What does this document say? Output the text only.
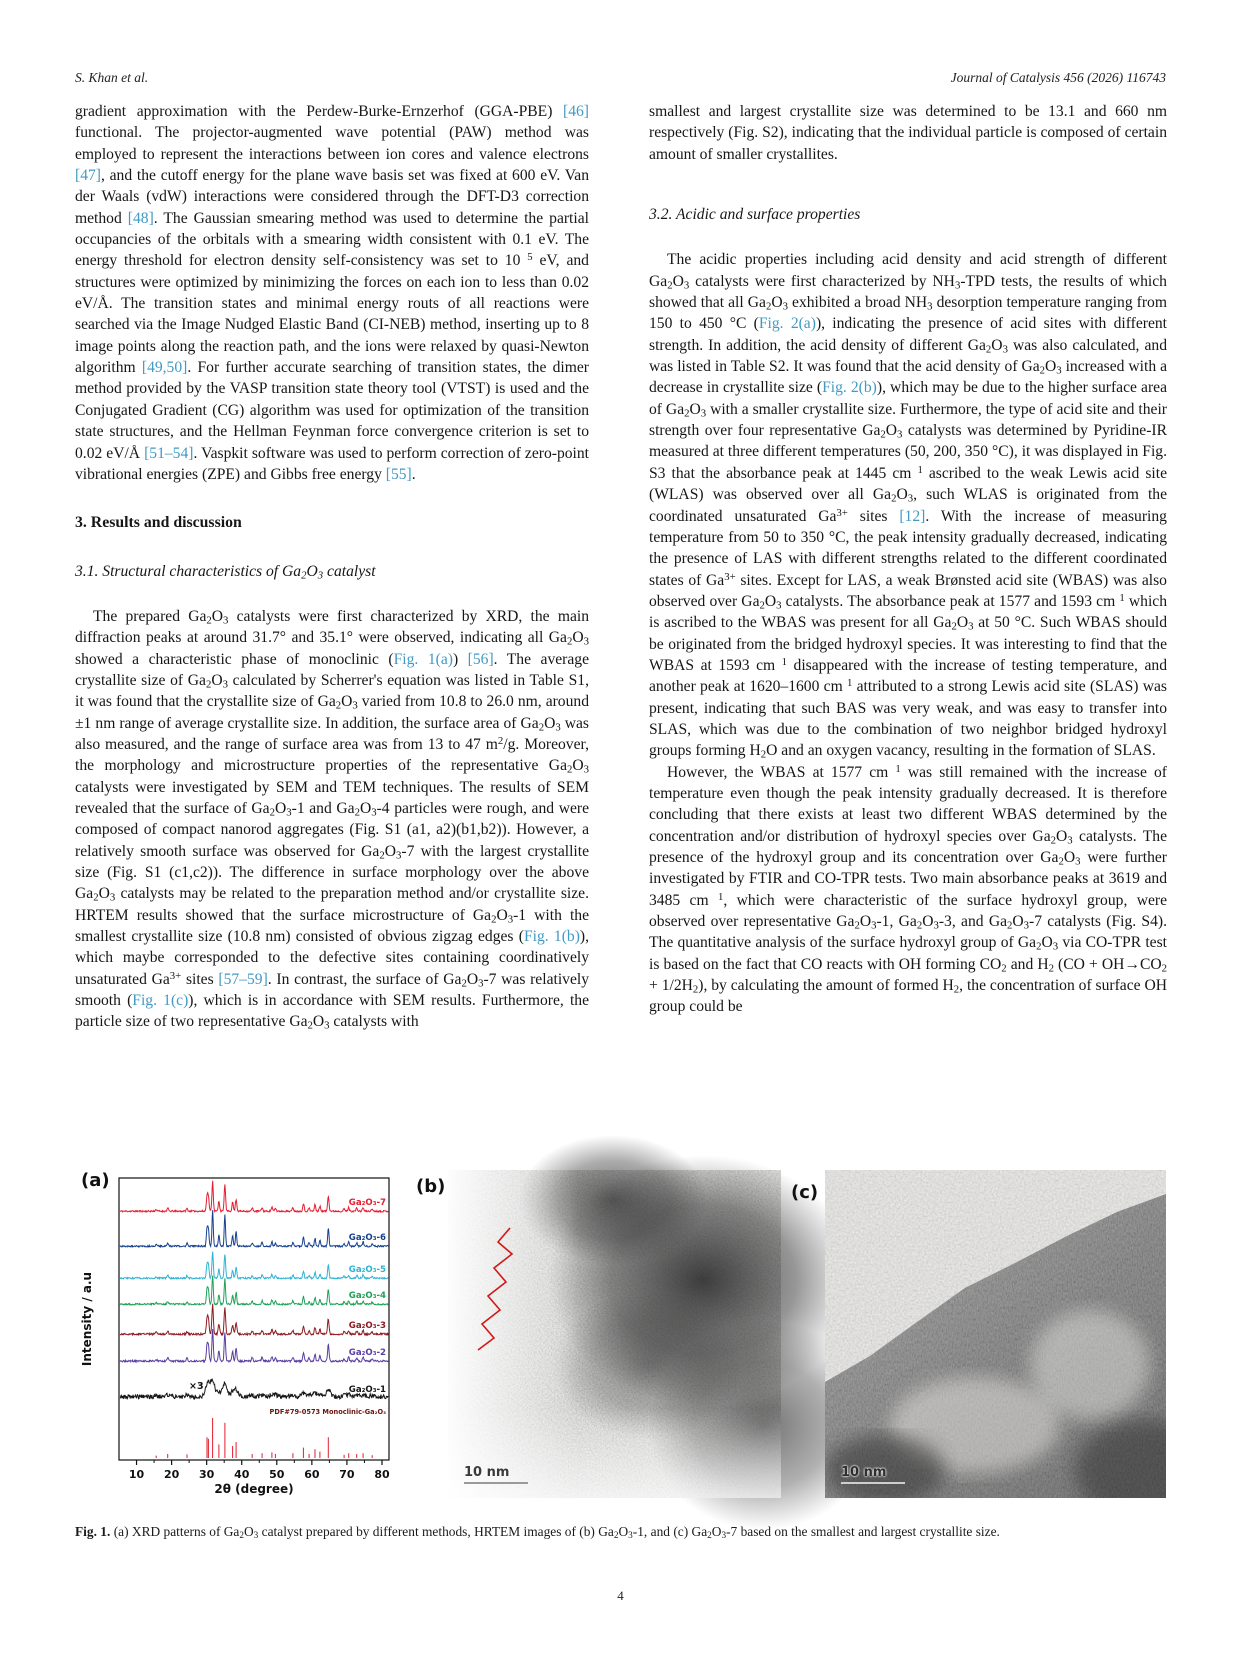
S. Khan et al.	Journal of Catalysis 456 (2026) 116743

gradient approximation with the Perdew-Burke-Ernzerhof (GGA-PBE) [46] functional. The projector-augmented wave potential (PAW) method was employed to represent the interactions between ion cores and valence electrons [47], and the cutoff energy for the plane wave basis set was fixed at 600 eV. Van der Waals (vdW) interactions were considered through the DFT-D3 correction method [48]. The Gaussian smearing method was used to determine the partial occupancies of the orbitals with a smearing width consistent with 0.1 eV. The energy threshold for electron density self-consistency was set to 10 $^5$ eV, and structures were optimized by minimizing the forces on each ion to less than 0.02 eV/Å. The transition states and minimal energy routs of all reactions were searched via the Image Nudged Elastic Band (CI-NEB) method, inserting up to 8 image points along the reaction path, and the ions were relaxed by quasi-Newton algorithm [49,50]. For further accurate searching of transition states, the dimer method provided by the VASP transition state theory tool (VTST) is used and the Conjugated Gradient (CG) algorithm was used for optimization of the transition state structures, and the Hellman Feynman force convergence criterion is set to 0.02 eV/Å [51–54]. Vaspkit software was used to perform correction of zero-point vibrational energies (ZPE) and Gibbs free energy [55].

3. Results and discussion
3.1. Structural characteristics of Ga2O3 catalyst

The prepared Ga2O3 catalysts were first characterized by XRD, the main diffraction peaks at around 31.7° and 35.1° were observed, indicating all Ga2O3 showed a characteristic phase of monoclinic (Fig. 1(a)) [56]. The average crystallite size of Ga2O3 calculated by Scherrer's equation was listed in Table S1, it was found that the crystallite size of Ga2O3 varied from 10.8 to 26.0 nm, around ±1 nm range of average crystallite size. In addition, the surface area of Ga2O3 was also measured, and the range of surface area was from 13 to 47 $m^2/g$. Moreover, the morphology and microstructure properties of the representative Ga2O3 catalysts were investigated by SEM and TEM techniques. The results of SEM revealed that the surface of Ga2O3-1 and Ga2O3-4 particles were rough, and were composed of compact nanorod aggregates (Fig. S1 (a1, a2)(b1,b2)). However, a relatively smooth surface was observed for Ga2O3-7 with the largest crystallite size (Fig. S1 (c1,c2)). The difference in surface morphology over the above Ga2O3 catalysts may be related to the preparation method and/or crystallite size. HRTEM results showed that the surface microstructure of Ga2O3-1 with the smallest crystallite size (10.8 nm) consisted of obvious zigzag edges (Fig. 1(b)), which maybe corresponded to the defective sites containing coordinatively unsaturated $Ga^{3+}$ sites [57–59]. In contrast, the surface of Ga2O3-7 was relatively smooth (Fig. 1(c)), which is in accordance with SEM results. Furthermore, the particle size of two representative Ga2O3 catalysts with

smallest and largest crystallite size was determined to be 13.1 and 660 nm respectively (Fig. S2), indicating that the individual particle is composed of certain amount of smaller crystallites.

3.2. Acidic and surface properties

The acidic properties including acid density and acid strength of different Ga2O3 catalysts were first characterized by NH3-TPD tests, the results of which showed that all Ga2O3 exhibited a broad NH3 desorption temperature ranging from 150 to 450 °C (Fig. 2(a)), indicating the presence of acid sites with different strength. In addition, the acid density of different Ga2O3 was also calculated, and was listed in Table S2. It was found that the acid density of Ga2O3 increased with a decrease in crystallite size (Fig. 2(b)), which may be due to the higher surface area of Ga2O3 with a smaller crystallite size. Furthermore, the type of acid site and their strength over four representative Ga2O3 catalysts was determined by Pyridine-IR measured at three different temperatures (50, 200, 350 °C), it was displayed in Fig. S3 that the absorbance peak at 1445 cm $^1$ ascribed to the weak Lewis acid site (WLAS) was observed over all Ga2O3, such WLAS is originated from the coordinated unsaturated $Ga^{3+}$ sites [12]. With the increase of measuring temperature from 50 to 350 °C, the peak intensity gradually decreased, indicating the presence of LAS with different strengths related to the different coordinated states of $Ga^{3+}$ sites. Except for LAS, a weak Brønsted acid site (WBAS) was also observed over Ga2O3 catalysts. The absorbance peak at 1577 and 1593 cm $^1$ which is ascribed to the WBAS was present for all Ga2O3 at 50 °C. Such WBAS should be originated from the bridged hydroxyl species. It was interesting to find that the WBAS at 1593 cm $^1$ disappeared with the increase of testing temperature, and another peak at 1620–1600 cm $^1$ attributed to a strong Lewis acid site (SLAS) was present, indicating that such BAS was very weak, and was easy to transfer into SLAS, which was due to the combination of two neighbor bridged hydroxyl groups forming H2O and an oxygen vacancy, resulting in the formation of SLAS.

However, the WBAS at 1577 cm $^1$ was still remained with the increase of temperature even though the peak intensity gradually decreased. It is therefore concluding that there exists at least two different WBAS determined by the concentration and/or distribution of hydroxyl species over Ga2O3 catalysts. The presence of the hydroxyl group and its concentration over Ga2O3 were further investigated by FTIR and CO-TPR tests. Two main absorbance peaks at 3619 and 3485 cm $^1$, which were characteristic of the surface hydroxyl group, were observed over representative Ga2O3-1, Ga2O3-3, and Ga2O3-7 catalysts (Fig. S4). The quantitative analysis of the surface hydroxyl group of Ga2O3 via CO-TPR test is based on the fact that CO reacts with OH forming CO2 and H2 (CO + OH→CO2 + 1/2H2), by calculating the amount of formed H2, the concentration of surface OH group could be

(a)
Ga₂O₃-7
Ga₂O₃-6
Ga₂O₃-5
Ga₂O₃-4
Ga₂O₃-3
Ga₂O₃-2
Ga₂O₃-1
×3
PDF#79-0573 Monoclinic-Ga₂O₃
10 20 30 40 50 60 70 80
2θ (degree)
Intensity / a.u
(b)
10 nm
(c)
10 nm
Fig. 1. (a) XRD patterns of Ga2O3 catalyst prepared by different methods, HRTEM images of (b) Ga2O3-1, and (c) Ga2O3-7 based on the smallest and largest crystallite size.
4
